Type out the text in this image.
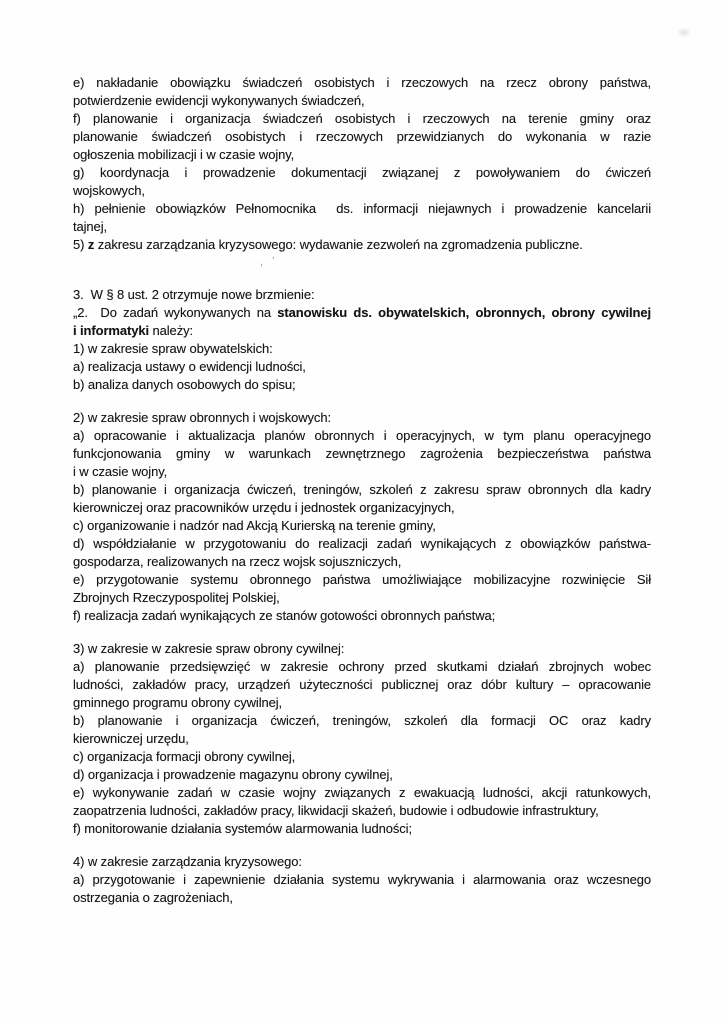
e) nakładanie obowiązku świadczeń osobistych i rzeczowych na rzecz obrony państwa,
potwierdzenie ewidencji wykonywanych świadczeń,

f) planowanie i organizacja świadczeń osobistych i rzeczowych na terenie gminy oraz
planowanie świadczeń osobistych i rzeczowych przewidzianych do wykonania w razie
ogłoszenia mobilizacji i w czasie wojny,

g) koordynacja i prowadzenie dokumentacji związanej z powoływaniem do ćwiczeń
wojskowych,

h) pełnienie obowiązków Pełnomocnika  ds. informacji niejawnych i prowadzenie kancelarii
tajnej,

5) z zakresu zarządzania kryzysowego: wydawanie zezwoleń na zgromadzenia publiczne.

3.  W § 8 ust. 2 otrzymuje nowe brzmienie:

„2.  Do zadań wykonywanych na stanowisku ds. obywatelskich, obronnych, obrony cywilnej
i informatyki należy:

1) w zakresie spraw obywatelskich:

a) realizacja ustawy o ewidencji ludności,

b) analiza danych osobowych do spisu;

2) w zakresie spraw obronnych i wojskowych:

a) opracowanie i aktualizacja planów obronnych i operacyjnych, w tym planu operacyjnego
funkcjonowania gminy w warunkach zewnętrznego zagrożenia bezpieczeństwa państwa
i w czasie wojny,

b) planowanie i organizacja ćwiczeń, treningów, szkoleń z zakresu spraw obronnych dla kadry
kierowniczej oraz pracowników urzędu i jednostek organizacyjnych,

c) organizowanie i nadzór nad Akcją Kurierską na terenie gminy,

d) współdziałanie w przygotowaniu do realizacji zadań wynikających z obowiązków państwa-
gospodarza, realizowanych na rzecz wojsk sojuszniczych,

e) przygotowanie systemu obronnego państwa umożliwiające mobilizacyjne rozwinięcie Sił
Zbrojnych Rzeczypospolitej Polskiej,

f) realizacja zadań wynikających ze stanów gotowości obronnych państwa;

3) w zakresie w zakresie spraw obrony cywilnej:

a) planowanie przedsięwzięć w zakresie ochrony przed skutkami działań zbrojnych wobec
ludności, zakładów pracy, urządzeń użyteczności publicznej oraz dóbr kultury – opracowanie
gminnego programu obrony cywilnej,

b) planowanie i organizacja ćwiczeń, treningów, szkoleń dla formacji OC oraz kadry
kierowniczej urzędu,

c) organizacja formacji obrony cywilnej,

d) organizacja i prowadzenie magazynu obrony cywilnej,

e) wykonywanie zadań w czasie wojny związanych z ewakuacją ludności, akcji ratunkowych,
zaopatrzenia ludności, zakładów pracy, likwidacji skażeń, budowie i odbudowie infrastruktury,

f) monitorowanie działania systemów alarmowania ludności;

4) w zakresie zarządzania kryzysowego:

a) przygotowanie i zapewnienie działania systemu wykrywania i alarmowania oraz wczesnego
ostrzegania o zagrożeniach,

, ʼ
